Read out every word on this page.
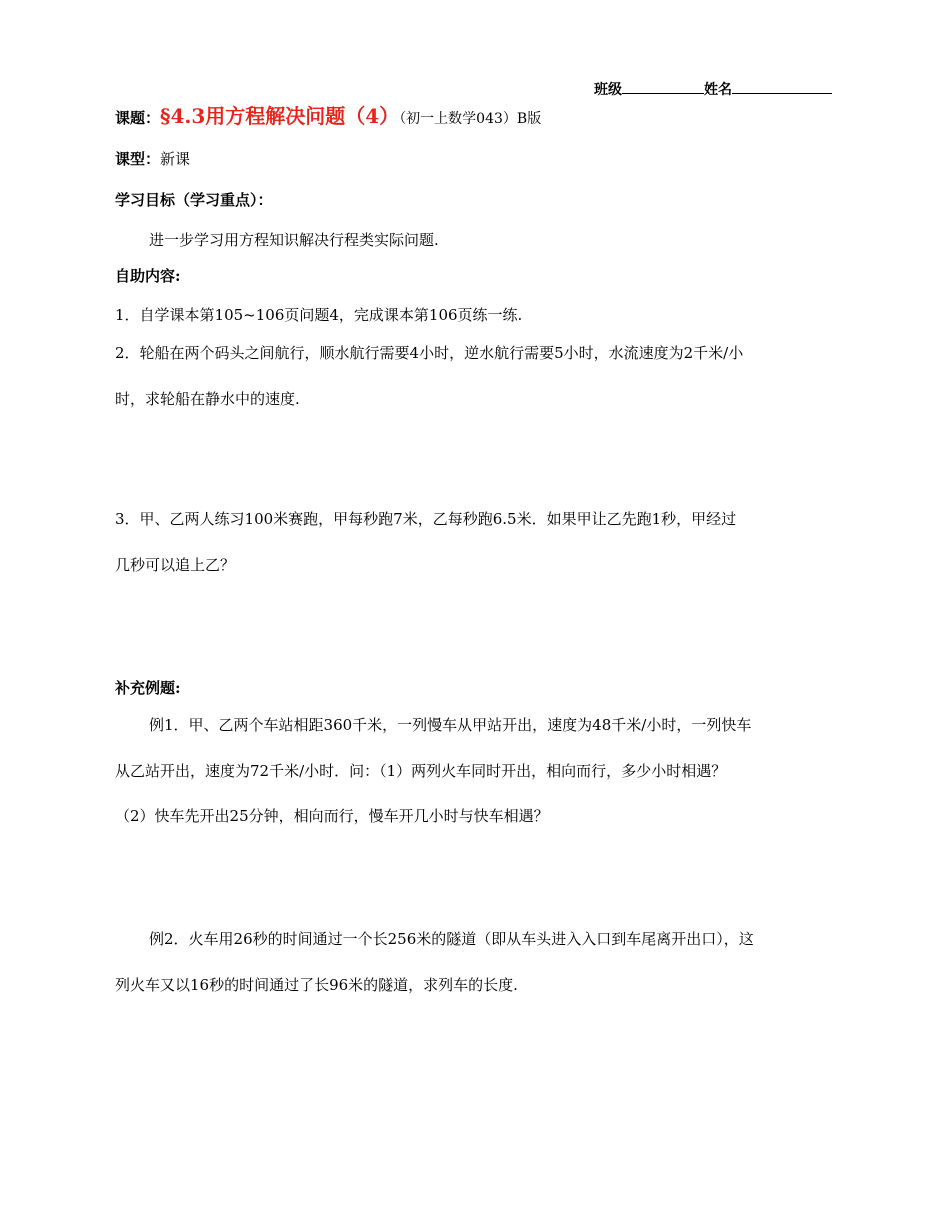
班级	姓名
课题：§4.3用方程解决问题（4）（初一上数学043）B版
课型：新课
学习目标（学习重点）：
进一步学习用方程知识解决行程类实际问题.
自助内容:
1．自学课本第105~106页问题4，完成课本第106页练一练.
2．轮船在两个码头之间航行，顺水航行需要4小时，逆水航行需要5小时，水流速度为2千米/小
时，求轮船在静水中的速度.
3．甲、乙两人练习100米赛跑，甲每秒跑7米，乙每秒跑6.5米．如果甲让乙先跑1秒，甲经过
几秒可以追上乙？
补充例题:
例1．甲、乙两个车站相距360千米，一列慢车从甲站开出，速度为48千米/小时，一列快车
从乙站开出，速度为72千米/小时．问：（1）两列火车同时开出，相向而行，多少小时相遇？
（2）快车先开出25分钟，相向而行，慢车开几小时与快车相遇？
例2．火车用26秒的时间通过一个长256米的隧道（即从车头进入入口到车尾离开出口），这
列火车又以16秒的时间通过了长96米的隧道，求列车的长度.
